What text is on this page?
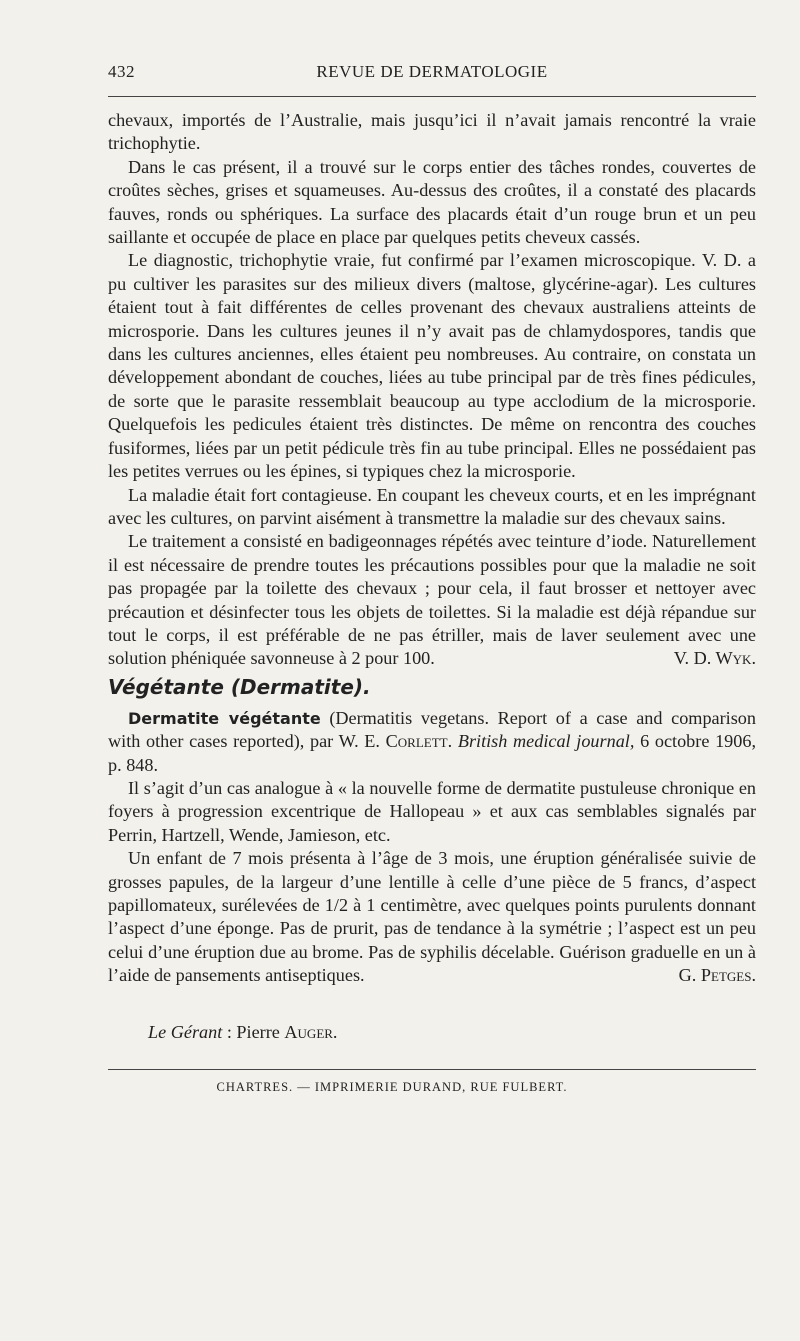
432	REVUE DE DERMATOLOGIE

chevaux, importés de l’Australie, mais jusqu’ici il n’avait jamais rencontré la vraie trichophytie.

Dans le cas présent, il a trouvé sur le corps entier des tâches rondes, couvertes de croûtes sèches, grises et squameuses. Au-dessus des croûtes, il a constaté des placards fauves, ronds ou sphériques. La surface des placards était d’un rouge brun et un peu saillante et occupée de place en place par quelques petits cheveux cassés.

Le diagnostic, trichophytie vraie, fut confirmé par l’examen microscopique. V. D. a pu cultiver les parasites sur des milieux divers (maltose, glycérine-agar). Les cultures étaient tout à fait différentes de celles provenant des chevaux australiens atteints de microsporie. Dans les cultures jeunes il n’y avait pas de chlamydospores, tandis que dans les cultures anciennes, elles étaient peu nombreuses. Au contraire, on constata un développement abondant de couches, liées au tube principal par de très fines pédicules, de sorte que le parasite ressemblait beaucoup au type acclodium de la microsporie. Quelquefois les pedicules étaient très distinctes. De même on rencontra des couches fusiformes, liées par un petit pédicule très fin au tube principal. Elles ne possédaient pas les petites verrues ou les épines, si typiques chez la microsporie.

La maladie était fort contagieuse. En coupant les cheveux courts, et en les imprégnant avec les cultures, on parvint aisément à transmettre la maladie sur des chevaux sains.

Le traitement a consisté en badigeonnages répétés avec teinture d’iode. Naturellement il est nécessaire de prendre toutes les précautions possibles pour que la maladie ne soit pas propagée par la toilette des chevaux ; pour cela, il faut brosser et nettoyer avec précaution et désinfecter tous les objets de toilettes. Si la maladie est déjà répandue sur tout le corps, il est préférable de ne pas étriller, mais de laver seulement avec une solution phéniquée savonneuse à 2 pour 100.	V. D. Wyk.

Végétante (Dermatite).

Dermatite végétante (Dermatitis vegetans. Report of a case and comparison with other cases reported), par W. E. Corlett. British medical journal, 6 octobre 1906, p. 848.

Il s’agit d’un cas analogue à « la nouvelle forme de dermatite pustuleuse chronique en foyers à progression excentrique de Hallopeau » et aux cas semblables signalés par Perrin, Hartzell, Wende, Jamieson, etc.

Un enfant de 7 mois présenta à l’âge de 3 mois, une éruption généralisée suivie de grosses papules, de la largeur d’une lentille à celle d’une pièce de 5 francs, d’aspect papillomateux, surélevées de 1/2 à 1 centimètre, avec quelques points purulents donnant l’aspect d’une éponge. Pas de prurit, pas de tendance à la symétrie ; l’aspect est un peu celui d’une éruption due au brome. Pas de syphilis décelable. Guérison graduelle en un à l’aide de pansements antiseptiques.	G. Petges.

Le Gérant : Pierre Auger.
CHARTRES. — IMPRIMERIE DURAND, RUE FULBERT.
